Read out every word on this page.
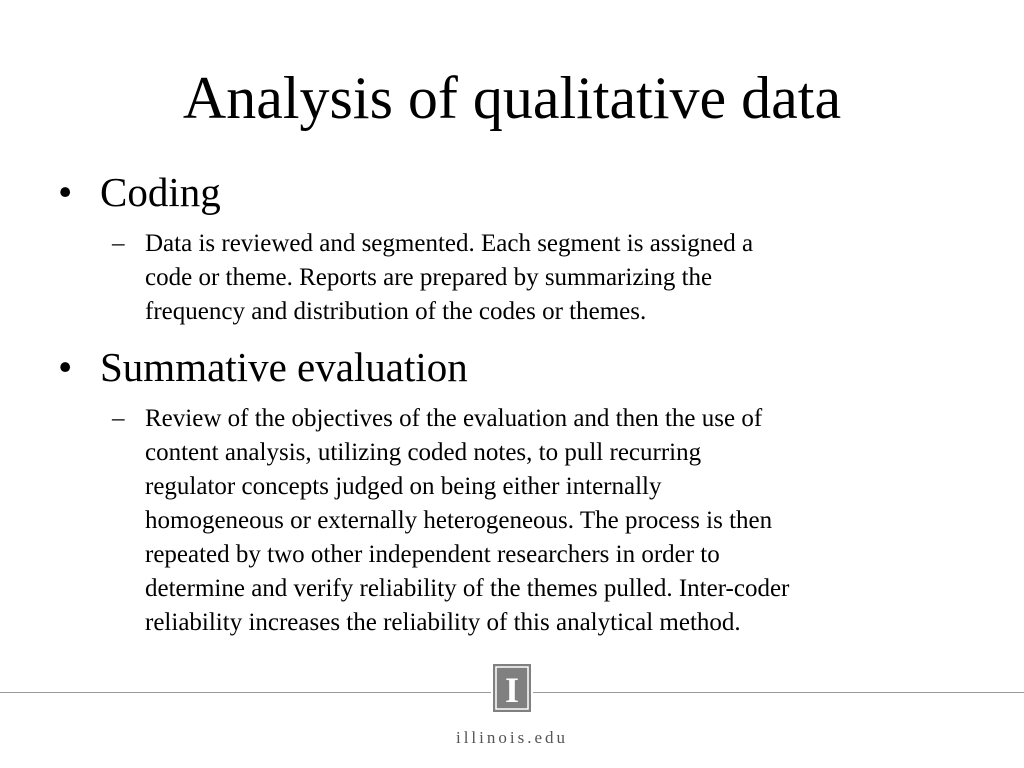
Analysis of qualitative data
• Coding
– Data is reviewed and segmented. Each segment is assigned a
code or theme. Reports are prepared by summarizing the
frequency and distribution of the codes or themes.
• Summative evaluation
– Review of the objectives of the evaluation and then the use of
content analysis, utilizing coded notes, to pull recurring
regulator concepts judged on being either internally
homogeneous or externally heterogeneous. The process is then
repeated by two other independent researchers in order to
determine and verify reliability of the themes pulled. Inter-coder
reliability increases the reliability of this analytical method.
I
illinois.edu
